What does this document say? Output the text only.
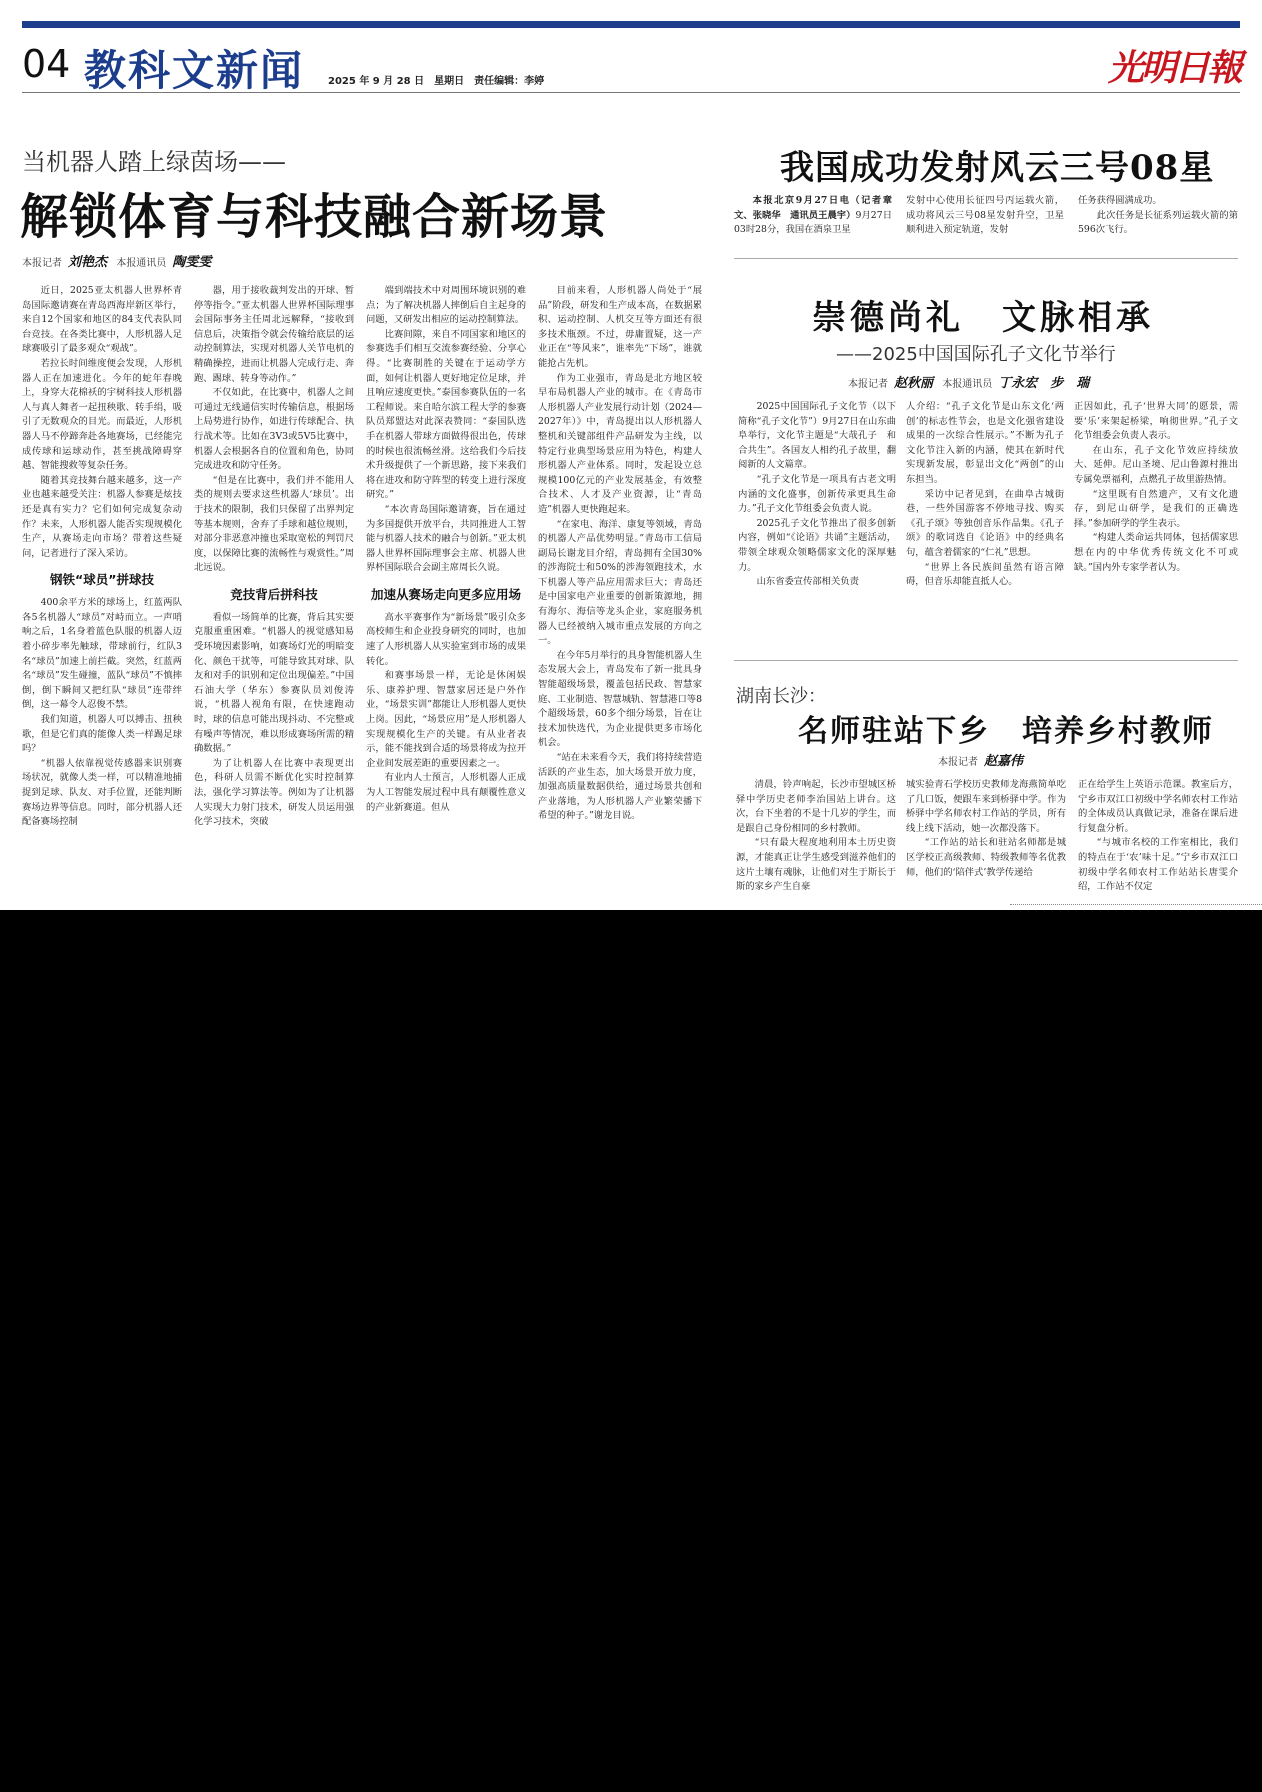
04 教科文新闻 2025 年 9 月 28 日　星期日　责任编辑：李婷	光明日報
当机器人踏上绿茵场——
解锁体育与科技融合新场景
本报记者 刘艳杰 本报通讯员 陶雯雯

近日，2025亚太机器人世界杯青岛国际邀请赛在青岛西海岸新区举行，来自12个国家和地区的84支代表队同台竞技。在各类比赛中，人形机器人足球赛吸引了最多观众“观战”。

若拉长时间维度便会发现，人形机器人正在加速进化。今年的蛇年春晚上，身穿大花棉袄的宇树科技人形机器人与真人舞者一起扭秧歌、转手绢，吸引了无数观众的目光。而最近，人形机器人马不停蹄奔赴各地赛场，已经能完成传球和运球动作，甚至挑战障碍穿越、智能搜救等复杂任务。

随着其竞技舞台越来越多，这一产业也越来越受关注：机器人参赛是炫技还是真有实力？它们如何完成复杂动作？未来，人形机器人能否实现规模化生产，从赛场走向市场？带着这些疑问，记者进行了深入采访。

钢铁“球员”拼球技

400余平方米的球场上，红蓝两队各5名机器人“球员”对峙而立。一声哨响之后，1名身着蓝色队服的机器人迈着小碎步率先触球，带球前行，红队3名“球员”加速上前拦截。突然，红蓝两名“球员”发生碰撞，蓝队“球员”不慎摔倒，倒下瞬间又把红队“球员”连带绊倒，这一幕令人忍俊不禁。

我们知道，机器人可以搏击、扭秧歌，但是它们真的能像人类一样踢足球吗？

“机器人依靠视觉传感器来识别赛场状况，就像人类一样，可以精准地捕捉到足球、队友、对手位置，还能判断赛场边界等信息。同时，部分机器人还配备赛场控制

器，用于接收裁判发出的开球、暂停等指令。”亚太机器人世界杯国际理事会国际事务主任周北远解释，“接收到信息后，决策指令就会传输给底层的运动控制算法，实现对机器人关节电机的精确操控，进而让机器人完成行走、奔跑、踢球、转身等动作。”

不仅如此，在比赛中，机器人之间可通过无线通信实时传输信息，根据场上局势进行协作，如进行传球配合、执行战术等。比如在3V3或5V5比赛中，机器人会根据各自的位置和角色，协同完成进攻和防守任务。

“但是在比赛中，我们并不能用人类的规则去要求这些机器人‘球员’。出于技术的限制，我们只保留了出界判定等基本规则，舍弃了手球和越位规则，对部分非恶意冲撞也采取宽松的判罚尺度，以保障比赛的流畅性与观赏性。”周北远说。

竞技背后拼科技

看似一场简单的比赛，背后其实要克服重重困难。“机器人的视觉感知易受环境因素影响，如赛场灯光的明暗变化、颜色干扰等，可能导致其对球、队友和对手的识别和定位出现偏差。”中国石油大学（华东）参赛队员刘俊涛说，“机器人视角有限，在快速跑动时，球的信息可能出现抖动、不完整或有噪声等情况，难以形成赛场所需的精确数据。”

为了让机器人在比赛中表现更出色，科研人员需不断优化实时控制算法，强化学习算法等。例如为了让机器人实现大力射门技术，研发人员运用强化学习技术，突破

端到端技术中对周围环境识别的难点；为了解决机器人摔倒后自主起身的问题，又研发出相应的运动控制算法。

比赛间隙，来自不同国家和地区的参赛选手们相互交流参赛经验、分享心得。“比赛制胜的关键在于运动学方面，如何让机器人更好地定位足球，并且响应速度更快。”泰国参赛队伍的一名工程师说。来自哈尔滨工程大学的参赛队员郑盟达对此深表赞同：“泰国队选手在机器人带球方面做得很出色，传球的时候也很流畅丝滑。这给我们今后技术升级提供了一个新思路，接下来我们将在进攻和防守阵型的转变上进行深度研究。”

“本次青岛国际邀请赛，旨在通过为多国提供开放平台，共同推进人工智能与机器人技术的融合与创新。”亚太机器人世界杯国际理事会主席、机器人世界杯国际联合会副主席周长久说。

加速从赛场走向更多应用场

高水平赛事作为“新场景”吸引众多高校师生和企业投身研究的同时，也加速了人形机器人从实验室到市场的成果转化。

和赛事场景一样，无论是休闲娱乐、康养护理、智慧家居还是户外作业，“场景实训”都能让人形机器人更快上岗。因此，“场景应用”是人形机器人实现规模化生产的关键。有从业者表示，能不能找到合适的场景将成为拉开企业间发展差距的重要因素之一。

有业内人士预言，人形机器人正成为人工智能发展过程中具有颠覆性意义的产业新赛道。但从

目前来看，人形机器人尚处于“展品”阶段，研发和生产成本高，在数据累积、运动控制、人机交互等方面还有很多技术瓶颈。不过，毋庸置疑，这一产业正在“等风来”，谁率先“下场”，谁就能抢占先机。

作为工业强市，青岛是北方地区较早布局机器人产业的城市。在《青岛市人形机器人产业发展行动计划（2024—2027年）》中，青岛提出以人形机器人整机和关键部组件产品研发为主线，以特定行业典型场景应用为特色，构建人形机器人产业体系。同时，发起设立总规模100亿元的产业发展基金，有效整合技术、人才及产业资源，让“青岛造”机器人更快跑起来。

“在家电、海洋、康复等领域，青岛的机器人产品优势明显。”青岛市工信局副局长谢龙目介绍，青岛拥有全国30%的涉海院士和50%的涉海领跑技术，水下机器人等产品应用需求巨大；青岛还是中国家电产业重要的创新策源地，拥有海尔、海信等龙头企业，家庭服务机器人已经被纳入城市重点发展的方向之一。

在今年5月举行的具身智能机器人生态发展大会上，青岛发布了新一批具身智能超级场景，覆盖包括民政、智慧家庭、工业制造、智慧城轨、智慧港口等8个超级场景，60多个细分场景，旨在让技术加快选代，为企业提供更多市场化机会。

“站在未来看今天，我们将持续营造活跃的产业生态，加大场景开放力度，加强高质量数据供给，通过场景共创和产业落地，为人形机器人产业繁荣播下希望的种子。”谢龙目说。

我国成功发射风云三号08星

本报北京9月27日电（记者章文、张晓华　通讯员王晨宇）9月27日03时28分，我国在酒泉卫星

发射中心使用长征四号丙运载火箭，成功将风云三号08星发射升空，卫星顺利进入预定轨道，发射

任务获得圆满成功。

此次任务是长征系列运载火箭的第596次飞行。

崇德尚礼　文脉相承
——2025中国国际孔子文化节举行
本报记者 赵秋丽 本报通讯员 丁永宏　步　瑞

2025中国国际孔子文化节（以下简称“孔子文化节”）9月27日在山东曲阜举行，文化节主题是“大哉孔子　和合共生”。各国友人相约孔子故里，翻阅新的人文篇章。

“孔子文化节是一项具有古老文明内涵的文化盛事，创新传承更具生命力。”孔子文化节组委会负责人说。

2025孔子文化节推出了很多创新内容，例如“《论语》共诵”主题活动，带领全球观众领略儒家文化的深厚魅力。

山东省委宣传部相关负责

人介绍：“孔子文化节是山东文化‘两创’的标志性节会，也是文化强省建设成果的一次综合性展示。”不断为孔子文化节注入新的内涵，使其在新时代实现新发展，彰显出文化“两创”的山东担当。

采访中记者见到，在曲阜古城街巷，一些外国游客不停地寻找、购买《孔子颂》等独创音乐作品集。《孔子颂》的歌词选自《论语》中的经典名句，蕴含着儒家的“仁礼”思想。

“世界上各民族间虽然有语言障碍，但音乐却能直抵人心。

正因如此，孔子‘世界大同’的愿景，需要‘乐’来架起桥梁，响彻世界。”孔子文化节组委会负责人表示。

在山东，孔子文化节效应持续放大、延伸。尼山圣境、尼山鲁源村推出专属免票福利，点燃孔子故里游热情。

“这里既有自然遗产，又有文化遗存，到尼山研学，是我们的正确选择。”参加研学的学生表示。

“构建人类命运共同体，包括儒家思想在内的中华优秀传统文化不可或缺。”国内外专家学者认为。

湖南长沙：
名师驻站下乡　培养乡村教师
本报记者 赵嘉伟

清晨，铃声响起，长沙市望城区桥驿中学历史老师李治国站上讲台。这次，台下坐着的不是十几岁的学生，而是跟自己身份相同的乡村教师。

“只有最大程度地利用本土历史资源，才能真正让学生感受到滋养他们的这片土壤有魂脉，让他们对生于斯长于斯的家乡产生自豪

城实验青石学校历史教师龙海燕简单吃了几口饭，便跟车来到桥驿中学。作为桥驿中学名师农村工作站的学员，所有线上线下活动，她一次都没落下。

“工作站的站长和驻站名师都是城区学校正高级教师、特级教师等名优教师，他们的‘陪伴式’教学传递给

正在给学生上英语示范课。教室后方，宁乡市双江口初级中学名师农村工作站的全体成员认真做记录，准备在课后进行复盘分析。

“与城市名校的工作室相比，我们的特点在于‘农’味十足。”宁乡市双江口初级中学名师农村工作站站长唐雯介绍，工作站不仅定
